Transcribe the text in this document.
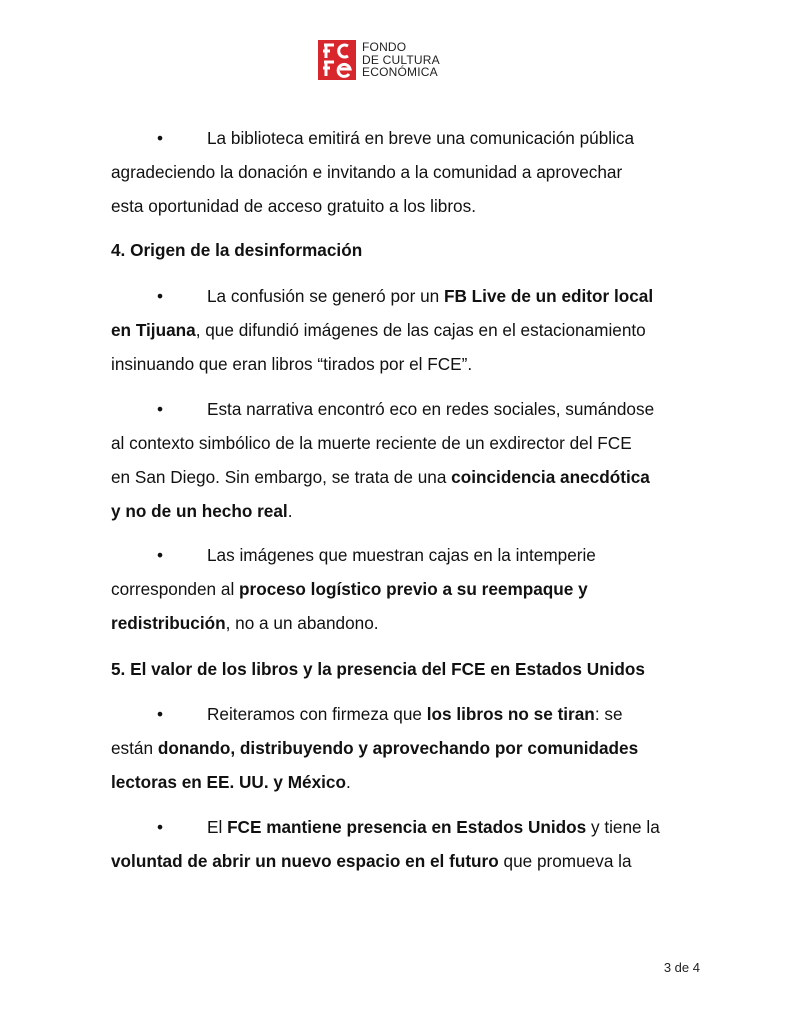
FONDO
DE CULTURA
ECONÓMICA

•	La biblioteca emitirá en breve una comunicación pública

agradeciendo la donación e invitando a la comunidad a aprovechar

esta oportunidad de acceso gratuito a los libros.

4. Origen de la desinformación

•	La confusión se generó por un FB Live de un editor local

en Tijuana, que difundió imágenes de las cajas en el estacionamiento

insinuando que eran libros “tirados por el FCE”.

•	Esta narrativa encontró eco en redes sociales, sumándose

al contexto simbólico de la muerte reciente de un exdirector del FCE

en San Diego. Sin embargo, se trata de una coincidencia anecdótica

y no de un hecho real.

•	Las imágenes que muestran cajas en la intemperie

corresponden al proceso logístico previo a su reempaque y

redistribución, no a un abandono.

5. El valor de los libros y la presencia del FCE en Estados Unidos

•	Reiteramos con firmeza que los libros no se tiran: se

están donando, distribuyendo y aprovechando por comunidades

lectoras en EE. UU. y México.

•	El FCE mantiene presencia en Estados Unidos y tiene la

voluntad de abrir un nuevo espacio en el futuro que promueva la

3 de 4
